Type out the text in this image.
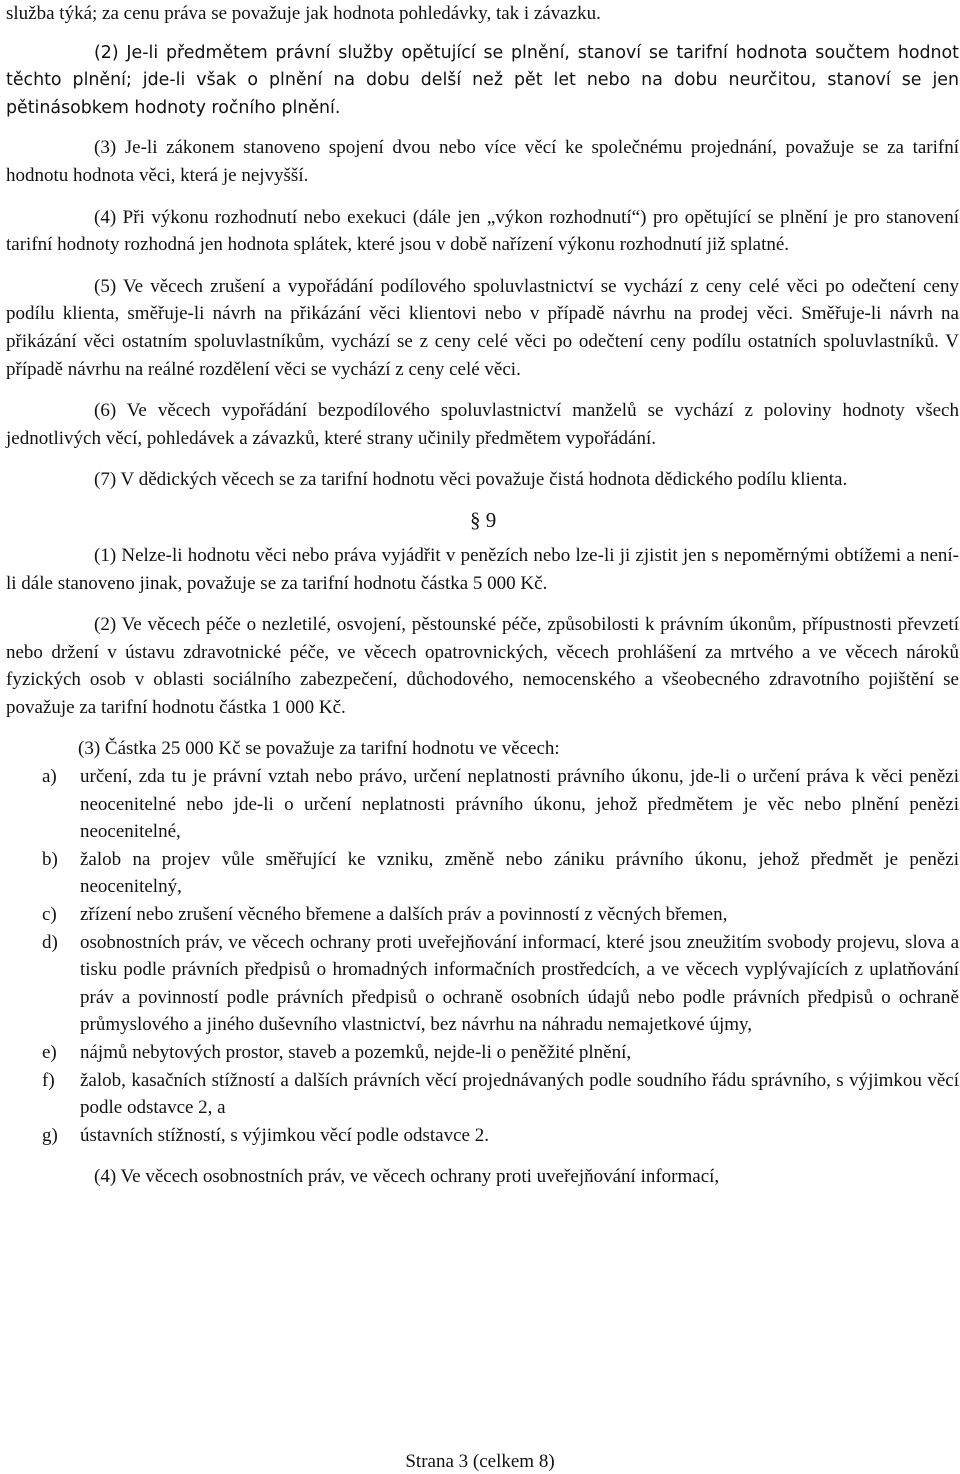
služba týká; za cenu práva se považuje jak hodnota pohledávky, tak i závazku.

(2) Je-li předmětem právní služby opětující se plnění, stanoví se tarifní hodnota součtem hodnot těchto plnění; jde-li však o plnění na dobu delší než pět let nebo na dobu neurčitou, stanoví se jen pětinásobkem hodnoty ročního plnění.

(3) Je-li zákonem stanoveno spojení dvou nebo více věcí ke společnému projednání, považuje se za tarifní hodnotu hodnota věci, která je nejvyšší.

(4) Při výkonu rozhodnutí nebo exekuci (dále jen „výkon rozhodnutí“) pro opětující se plnění je pro stanovení tarifní hodnoty rozhodná jen hodnota splátek, které jsou v době nařízení výkonu rozhodnutí již splatné.

(5) Ve věcech zrušení a vypořádání podílového spoluvlastnictví se vychází z ceny celé věci po odečtení ceny podílu klienta, směřuje-li návrh na přikázání věci klientovi nebo v případě návrhu na prodej věci. Směřuje-li návrh na přikázání věci ostatním spoluvlastníkům, vychází se z ceny celé věci po odečtení ceny podílu ostatních spoluvlastníků. V případě návrhu na reálné rozdělení věci se vychází z ceny celé věci.

(6) Ve věcech vypořádání bezpodílového spoluvlastnictví manželů se vychází z poloviny hodnoty všech jednotlivých věcí, pohledávek a závazků, které strany učinily předmětem vypořádání.

(7) V dědických věcech se za tarifní hodnotu věci považuje čistá hodnota dědického podílu klienta.

§ 9

(1) Nelze-li hodnotu věci nebo práva vyjádřit v penězích nebo lze-li ji zjistit jen s nepoměrnými obtížemi a není-li dále stanoveno jinak, považuje se za tarifní hodnotu částka 5 000 Kč.

(2) Ve věcech péče o nezletilé, osvojení, pěstounské péče, způsobilosti k právním úkonům, přípustnosti převzetí nebo držení v ústavu zdravotnické péče, ve věcech opatrovnických, věcech prohlášení za mrtvého a ve věcech nároků fyzických osob v oblasti sociálního zabezpečení, důchodového, nemocenského a všeobecného zdravotního pojištění se považuje za tarifní hodnotu částka 1 000 Kč.

(3) Částka 25 000 Kč se považuje za tarifní hodnotu ve věcech:

a) určení, zda tu je právní vztah nebo právo, určení neplatnosti právního úkonu, jde-li o určení práva k věci penězi neocenitelné nebo jde-li o určení neplatnosti právního úkonu, jehož předmětem je věc nebo plnění penězi neocenitelné,
b) žalob na projev vůle směřující ke vzniku, změně nebo zániku právního úkonu, jehož předmět je penězi neocenitelný,
c) zřízení nebo zrušení věcného břemene a dalších práv a povinností z věcných břemen,
d) osobnostních práv, ve věcech ochrany proti uveřejňování informací, které jsou zneužitím svobody projevu, slova a tisku podle právních předpisů o hromadných informačních prostředcích, a ve věcech vyplývajících z uplatňování práv a povinností podle právních předpisů o ochraně osobních údajů nebo podle právních předpisů o ochraně průmyslového a jiného duševního vlastnictví, bez návrhu na náhradu nemajetkové újmy,
e) nájmů nebytových prostor, staveb a pozemků, nejde-li o peněžité plnění,
f) žalob, kasačních stížností a dalších právních věcí projednávaných podle soudního řádu správního, s výjimkou věcí podle odstavce 2, a
g) ústavních stížností, s výjimkou věcí podle odstavce 2.

(4) Ve věcech osobnostních práv, ve věcech ochrany proti uveřejňování informací,

Strana 3 (celkem 8)
